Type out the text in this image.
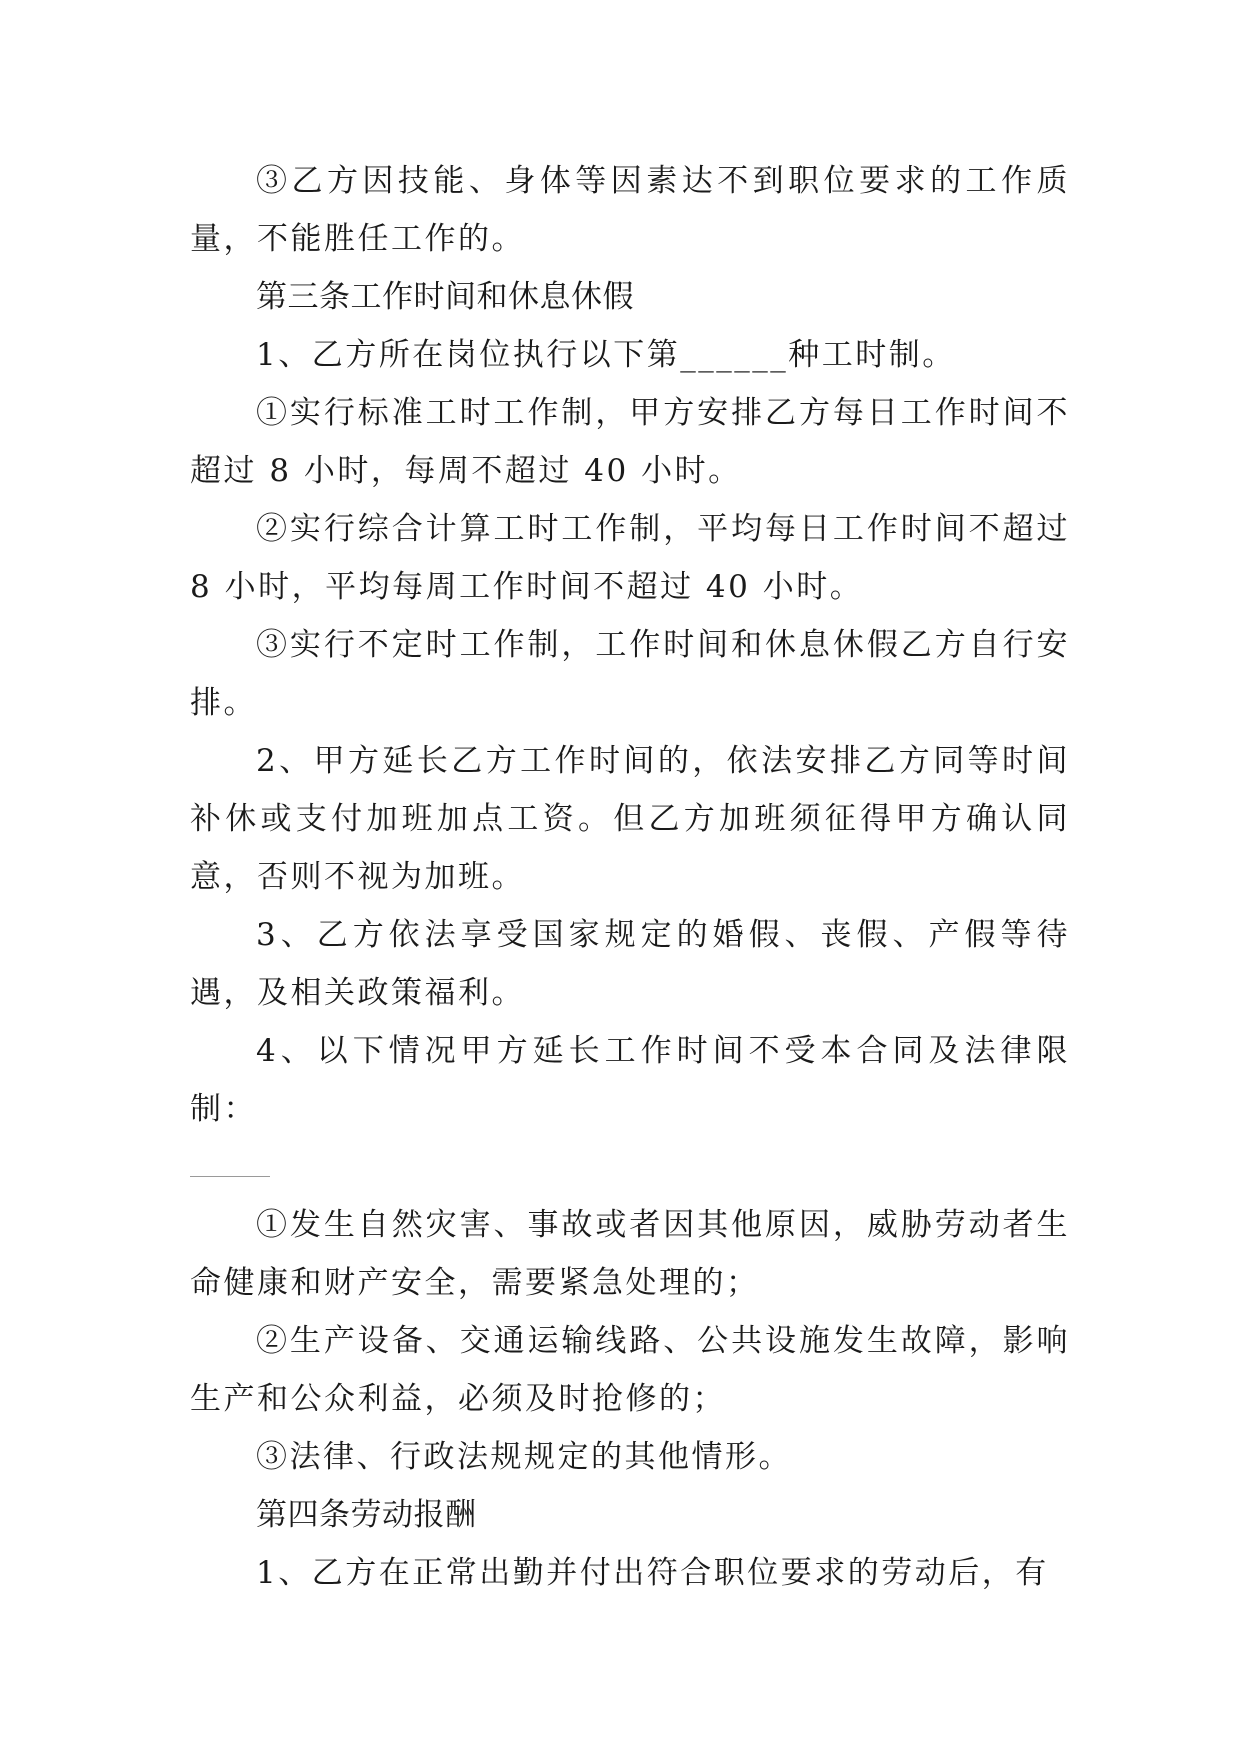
③乙方因技能、身体等因素达不到职位要求的工作质量，不能胜任工作的。

第三条工作时间和休息休假

1、乙方所在岗位执行以下第______种工时制。

①实行标准工时工作制，甲方安排乙方每日工作时间不超过 8 小时，每周不超过 40 小时。

②实行综合计算工时工作制，平均每日工作时间不超过 8 小时，平均每周工作时间不超过 40 小时。

③实行不定时工作制，工作时间和休息休假乙方自行安排。

2、甲方延长乙方工作时间的，依法安排乙方同等时间补休或支付加班加点工资。但乙方加班须征得甲方确认同意，否则不视为加班。

3、乙方依法享受国家规定的婚假、丧假、产假等待遇，及相关政策福利。

4、以下情况甲方延长工作时间不受本合同及法律限制：

①发生自然灾害、事故或者因其他原因，威胁劳动者生命健康和财产安全，需要紧急处理的；

②生产设备、交通运输线路、公共设施发生故障，影响生产和公众利益，必须及时抢修的；

③法律、行政法规规定的其他情形。

第四条劳动报酬

1、乙方在正常出勤并付出符合职位要求的劳动后，有
